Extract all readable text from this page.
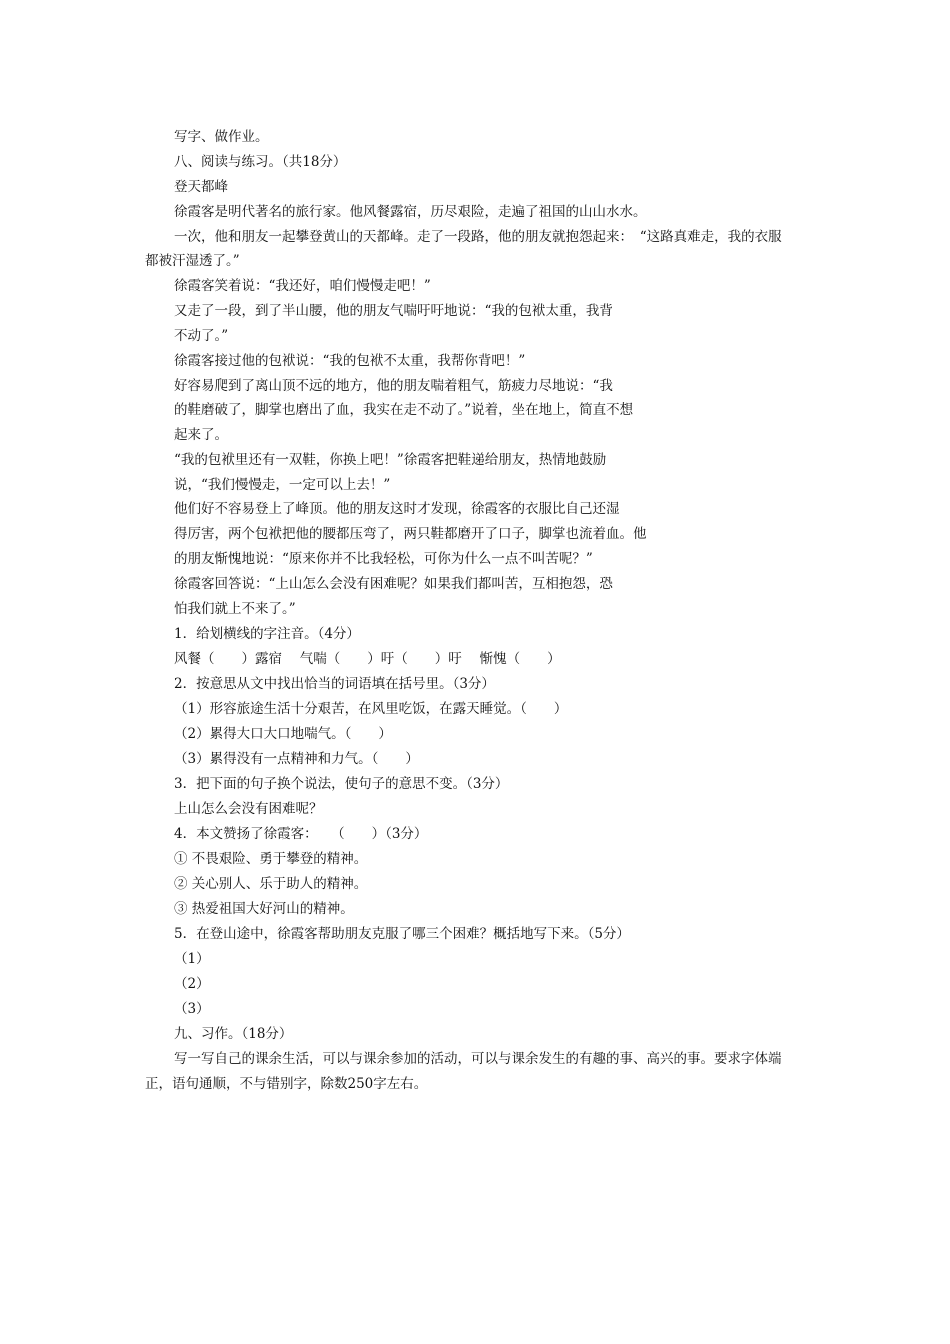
写字、做作业。
八、阅读与练习。（共18分）
登天都峰
徐霞客是明代著名的旅行家。他风餐露宿，历尽艰险，走遍了祖国的山山水水。
一次，他和朋友一起攀登黄山的天都峰。走了一段路，他的朋友就抱怨起来：　“这路真难走，我的衣服
都被汗湿透了。”
徐霞客笑着说：“我还好，咱们慢慢走吧！”
又走了一段，到了半山腰，他的朋友气喘吁吁地说：“我的包袱太重，我背
不动了。”
徐霞客接过他的包袱说：“我的包袱不太重，我帮你背吧！”
好容易爬到了离山顶不远的地方，他的朋友喘着粗气，筋疲力尽地说：“我
的鞋磨破了，脚掌也磨出了血，我实在走不动了。”说着，坐在地上，简直不想
起来了。
“我的包袱里还有一双鞋，你换上吧！”徐霞客把鞋递给朋友，热情地鼓励
说，“我们慢慢走，一定可以上去！”
他们好不容易登上了峰顶。他的朋友这时才发现，徐霞客的衣服比自己还湿
得厉害，两个包袱把他的腰都压弯了，两只鞋都磨开了口子，脚掌也流着血。他
的朋友惭愧地说：“原来你并不比我轻松，可你为什么一点不叫苦呢？”
徐霞客回答说：“上山怎么会没有困难呢？如果我们都叫苦，互相抱怨，恐
怕我们就上不来了。”
1．给划横线的字注音。（4分）
风餐（　　）露宿　 气喘（　　）吁（　　）吁　 惭愧（　　）
2．按意思从文中找出恰当的词语填在括号里。（3分）
（1）形容旅途生活十分艰苦，在风里吃饭，在露天睡觉。（　　）
（2）累得大口大口地喘气。（　　）
（3）累得没有一点精神和力气。（　　）
3．把下面的句子换个说法，使句子的意思不变。（3分）
上山怎么会没有困难呢？
4．本文赞扬了徐霞客：　　（　　）（3分）
① 不畏艰险、勇于攀登的精神。
② 关心别人、乐于助人的精神。
③ 热爱祖国大好河山的精神。
5．在登山途中，徐霞客帮助朋友克服了哪三个困难？概括地写下来。（5分）
（1）
（2）
（3）
九、习作。（18分）
写一写自己的课余生活，可以与课余参加的活动，可以与课余发生的有趣的事、高兴的事。要求字体端
正，语句通顺，不与错别字，除数250字左右。
